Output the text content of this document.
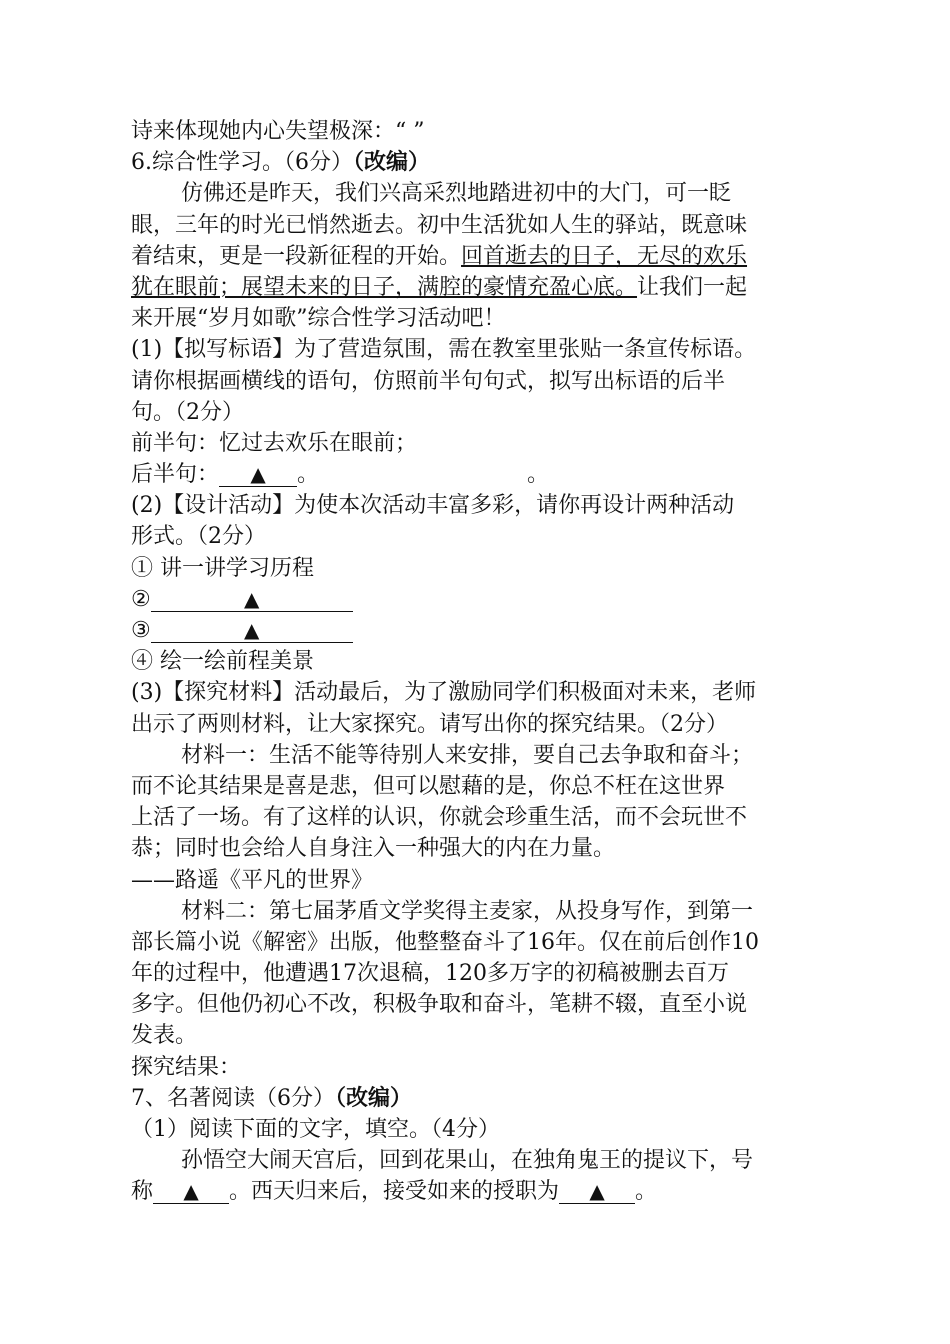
诗来体现她内心失望极深：“ ”
6.综合性学习。（6分）（改编）
仿佛还是昨天，我们兴高采烈地踏进初中的大门，可一眨
眼，三年的时光已悄然逝去。初中生活犹如人生的驿站，既意味
着结束，更是一段新征程的开始。回首逝去的日子，无尽的欢乐
犹在眼前；展望未来的日子，满腔的豪情充盈心底。让我们一起
来开展“岁月如歌”综合性学习活动吧！
(1)【拟写标语】为了营造氛围，需在教室里张贴一条宣传标语。
请你根据画横线的语句，仿照前半句句式，拟写出标语的后半
句。（2分）
前半句：忆过去欢乐在眼前；
后半句： ▲ 。	。
(2)【设计活动】为使本次活动丰富多彩，请你再设计两种活动
形式。（2分）
① 讲一讲学习历程
②	▲
③	▲
④ 绘一绘前程美景
(3)【探究材料】活动最后，为了激励同学们积极面对未来，老师
出示了两则材料，让大家探究。请写出你的探究结果。（2分）
材料一：生活不能等待别人来安排，要自己去争取和奋斗；
而不论其结果是喜是悲，但可以慰藉的是，你总不枉在这世界
上活了一场。有了这样的认识，你就会珍重生活，而不会玩世不
恭；同时也会给人自身注入一种强大的内在力量。
——路遥《平凡的世界》
材料二：第七届茅盾文学奖得主麦家，从投身写作，到第一
部长篇小说《解密》出版，他整整奋斗了16年。仅在前后创作10
年的过程中，他遭遇17次退稿，120多万字的初稿被删去百万
多字。但他仍初心不改，积极争取和奋斗，笔耕不辍，直至小说
发表。
探究结果：
7、名著阅读（6分）（改编）
（1）阅读下面的文字，填空。（4分）
孙悟空大闹天宫后，回到花果山，在独角鬼王的提议下，号
称 ▲ 。西天归来后，接受如来的授职为 ▲ 。
